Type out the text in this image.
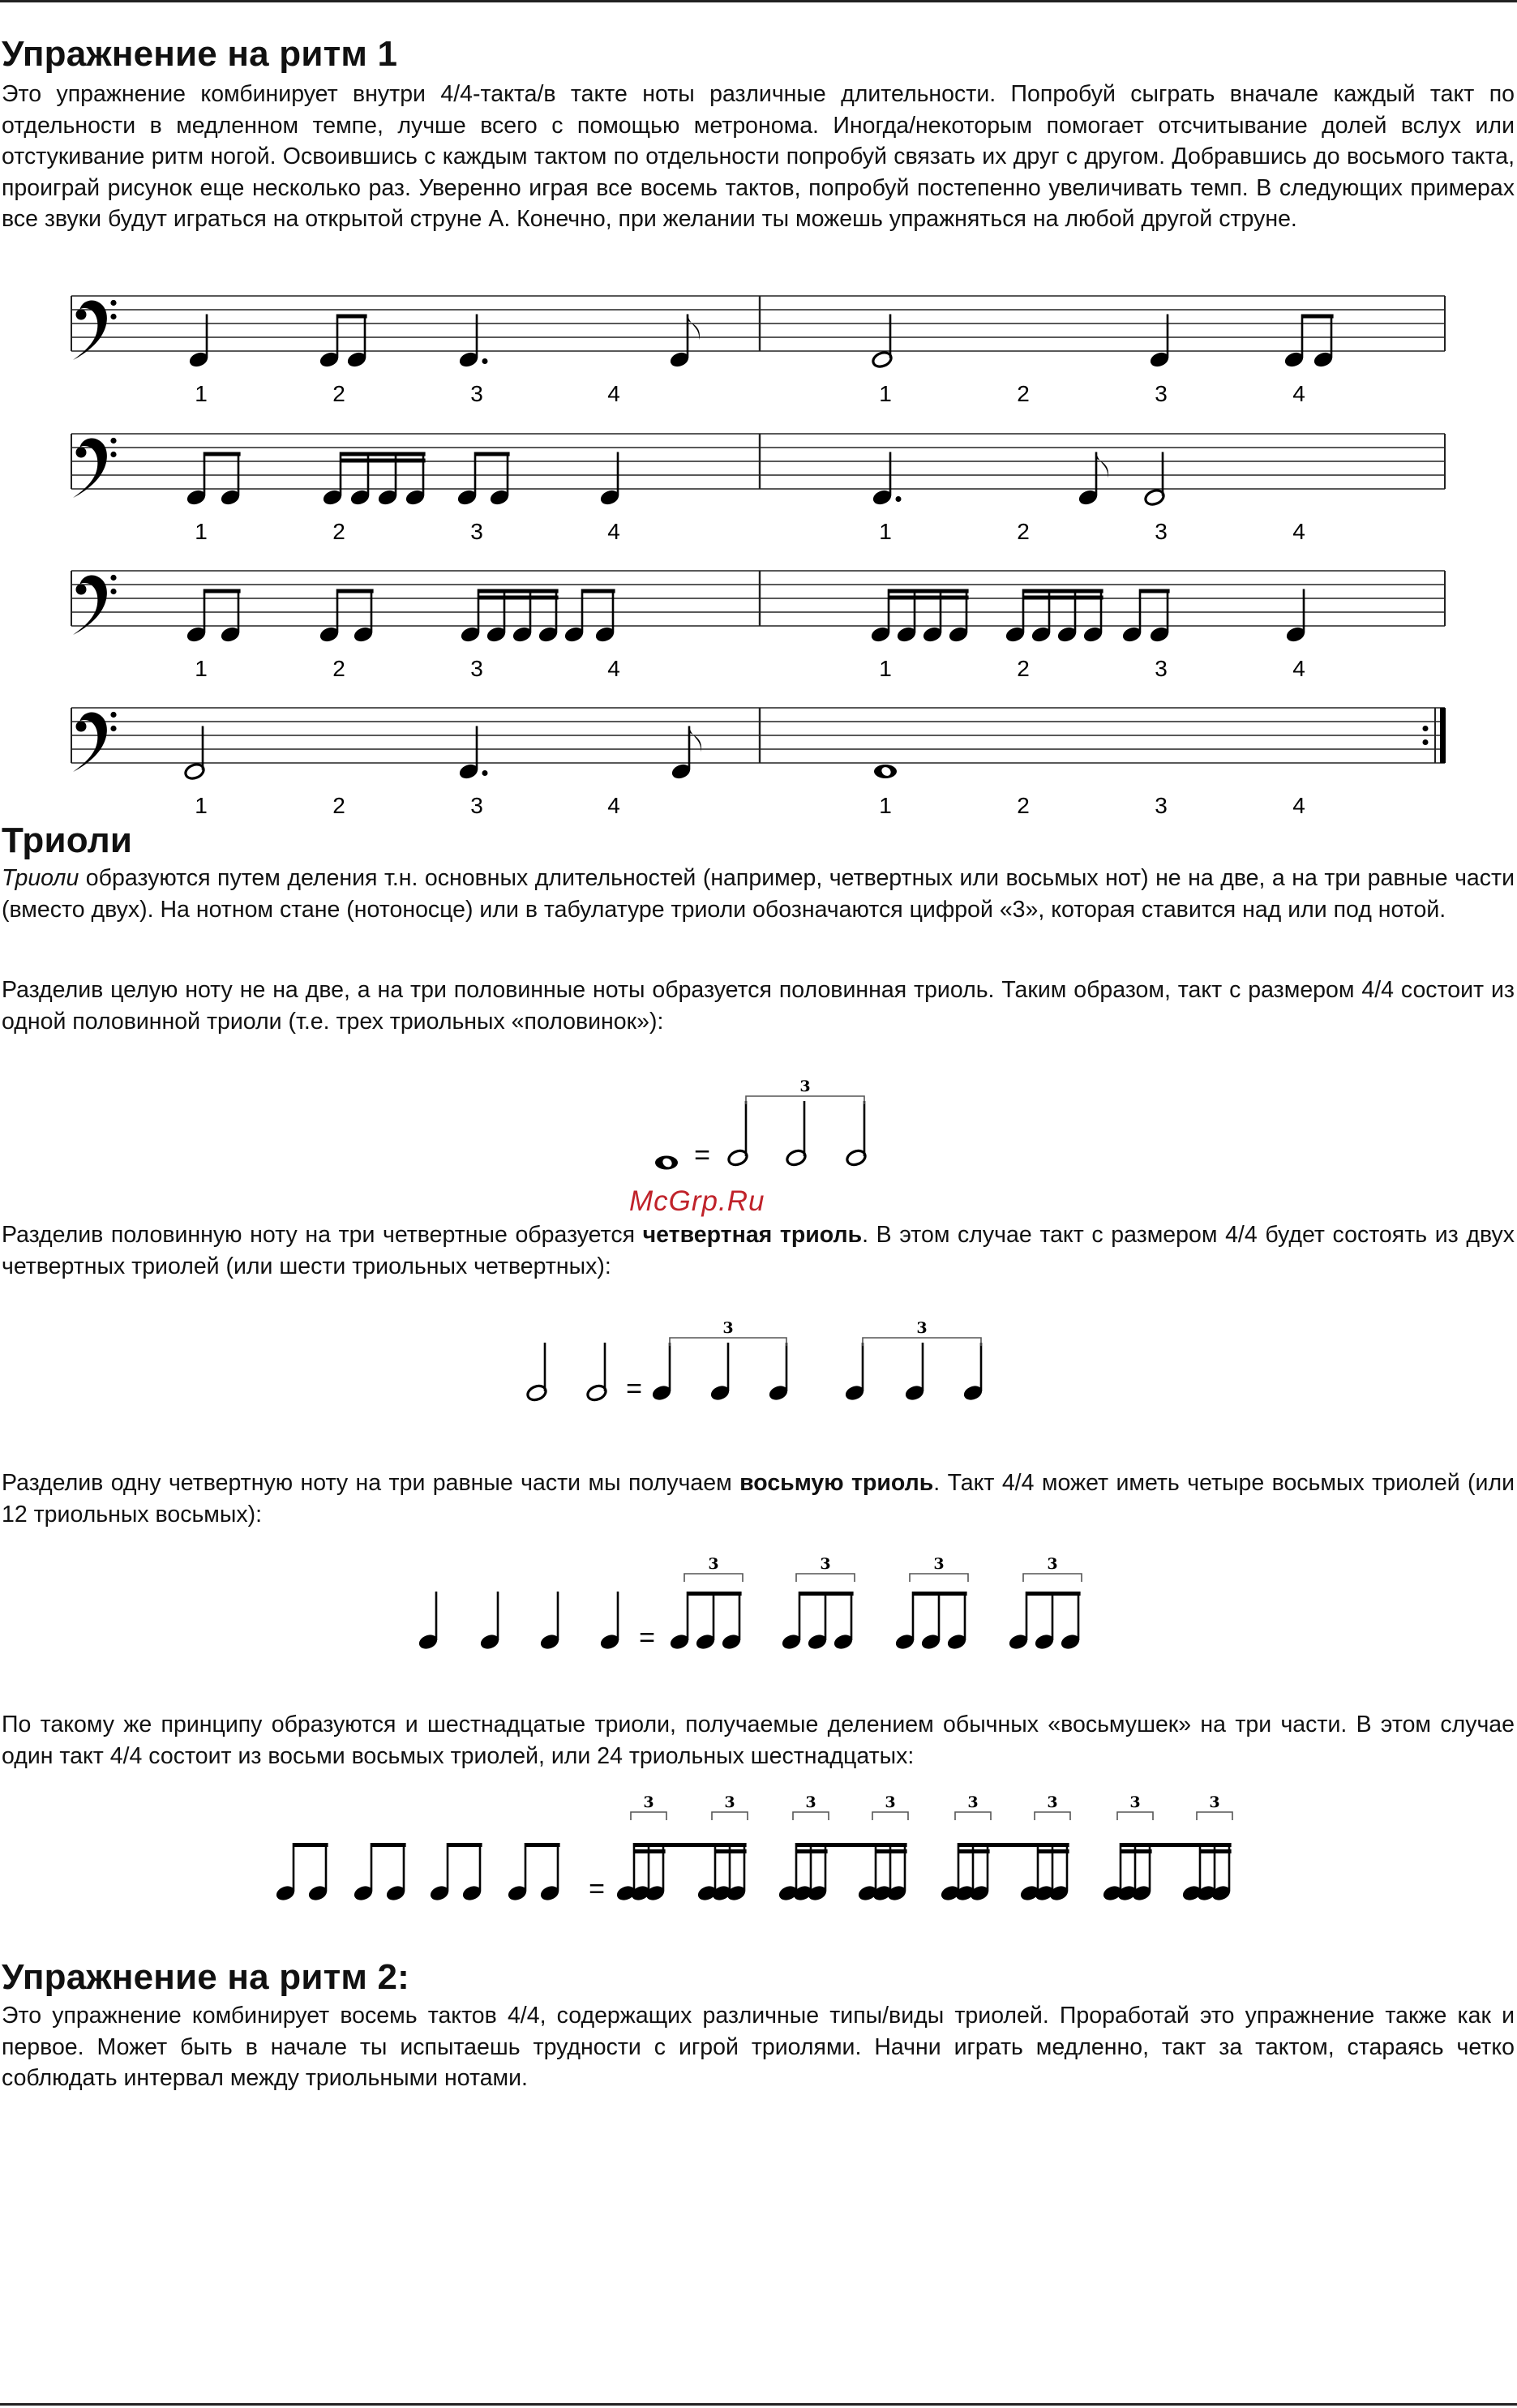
Упражнение на ритм 1

Это упражнение комбинирует внутри 4/4-такта/в такте ноты различные длительности. Попробуй сыграть вначале каждый такт по отдельности в медленном темпе, лучше всего с помощью метронома. Иногда/некоторым помогает отсчитывание долей вслух или отстукивание ритм ногой. Освоившись с каждым тактом по отдельности попробуй связать их друг с другом. Добравшись до восьмого такта, проиграй рисунок еще несколько раз. Уверенно играя все восемь тактов, попробуй постепенно увеличивать темп. В следующих примерах все звуки будут играться на открытой струне А. Конечно, при желании ты можешь упражняться на любой другой струне.

1	2	3	4	1	2	3	4
1	2	3	4	1	2	3	4
1	2	3	4	1	2	3	4
1	2	3	4	1	2	3	4
Триоли

Триоли образуются путем деления т.н. основных длительностей (например, четвертных или восьмых нот) не на две, а на три равные части (вместо двух). На нотном стане (нотоносце) или в табулатуре триоли обозначаются цифрой «3», которая ставится над или под нотой.

Разделив целую ноту не на две, а на три половинные ноты образуется половинная триоль. Таким образом, такт с размером 4/4 состоит из одной половинной триоли (т.е. трех триольных «половинок»):

=
3
McGrp.Ru

Разделив половинную ноту на три четвертные образуется четвертная триоль. В этом случае такт с размером 4/4 будет состоять из двух четвертных триолей (или шести триольных четвертных):

=
3	3

Разделив одну четвертную ноту на три равные части мы получаем восьмую триоль. Такт 4/4 может иметь четыре восьмых триолей (или 12 триольных восьмых):

=
3	3	3	3

По такому же принципу образуются и шестнадцатые триоли, получаемые делением обычных «восьмушек» на три части. В этом случае один такт 4/4 состоит из восьми восьмых триолей, или 24 триольных шестнадцатых:

=
3	3	3	3	3	3	3	3
Упражнение на ритм 2:

Это упражнение комбинирует восемь тактов 4/4, содержащих различные типы/виды триолей. Проработай это упражнение также как и первое. Может быть в начале ты испытаешь трудности с игрой триолями. Начни играть медленно, такт за тактом, стараясь четко соблюдать интервал между триольными нотами.
